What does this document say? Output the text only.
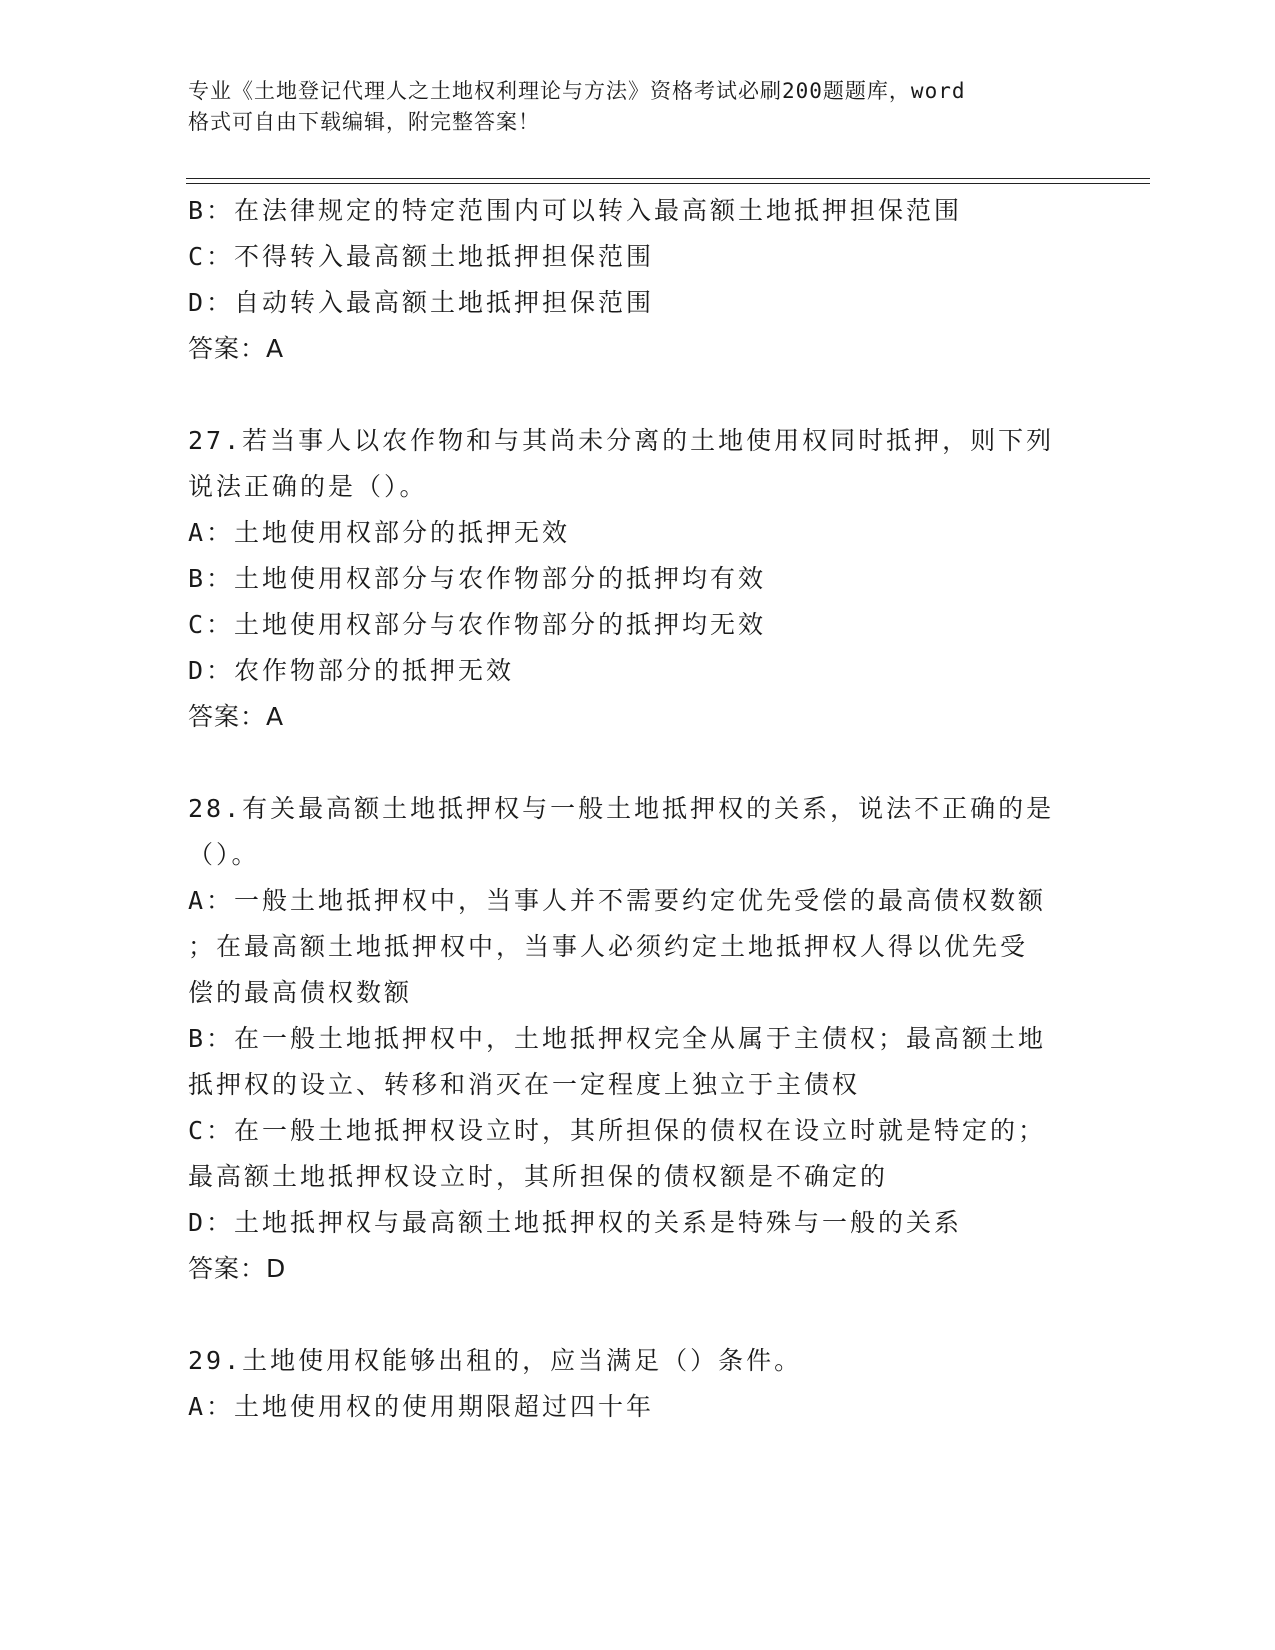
专业《土地登记代理人之土地权利理论与方法》资格考试必刷200题题库，word
格式可自由下载编辑，附完整答案！
B：在法律规定的特定范围内可以转入最高额土地抵押担保范围
C：不得转入最高额土地抵押担保范围
D：自动转入最高额土地抵押担保范围
答案：A
27.若当事人以农作物和与其尚未分离的土地使用权同时抵押，则下列
说法正确的是（）。
A：土地使用权部分的抵押无效
B：土地使用权部分与农作物部分的抵押均有效
C：土地使用权部分与农作物部分的抵押均无效
D：农作物部分的抵押无效
答案：A
28.有关最高额土地抵押权与一般土地抵押权的关系，说法不正确的是
（）。
A：一般土地抵押权中，当事人并不需要约定优先受偿的最高债权数额
；在最高额土地抵押权中，当事人必须约定土地抵押权人得以优先受
偿的最高债权数额
B：在一般土地抵押权中，土地抵押权完全从属于主债权；最高额土地
抵押权的设立、转移和消灭在一定程度上独立于主债权
C：在一般土地抵押权设立时，其所担保的债权在设立时就是特定的；
最高额土地抵押权设立时，其所担保的债权额是不确定的
D：土地抵押权与最高额土地抵押权的关系是特殊与一般的关系
答案：D
29.土地使用权能够出租的，应当满足（）条件。
A：土地使用权的使用期限超过四十年
